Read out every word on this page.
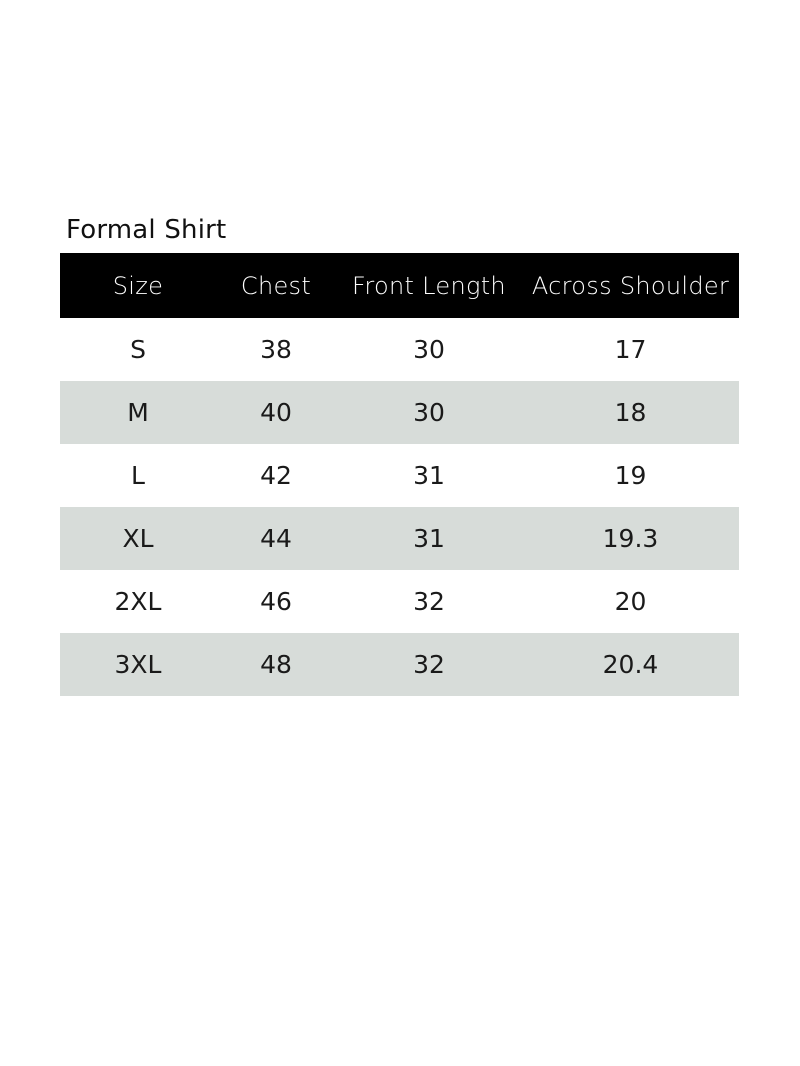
Formal Shirt
Size	Chest	Front Length	Across Shoulder
S	38	30	17
M	40	30	18
L	42	31	19
XL	44	31	19.3
2XL	46	32	20
3XL	48	32	20.4
